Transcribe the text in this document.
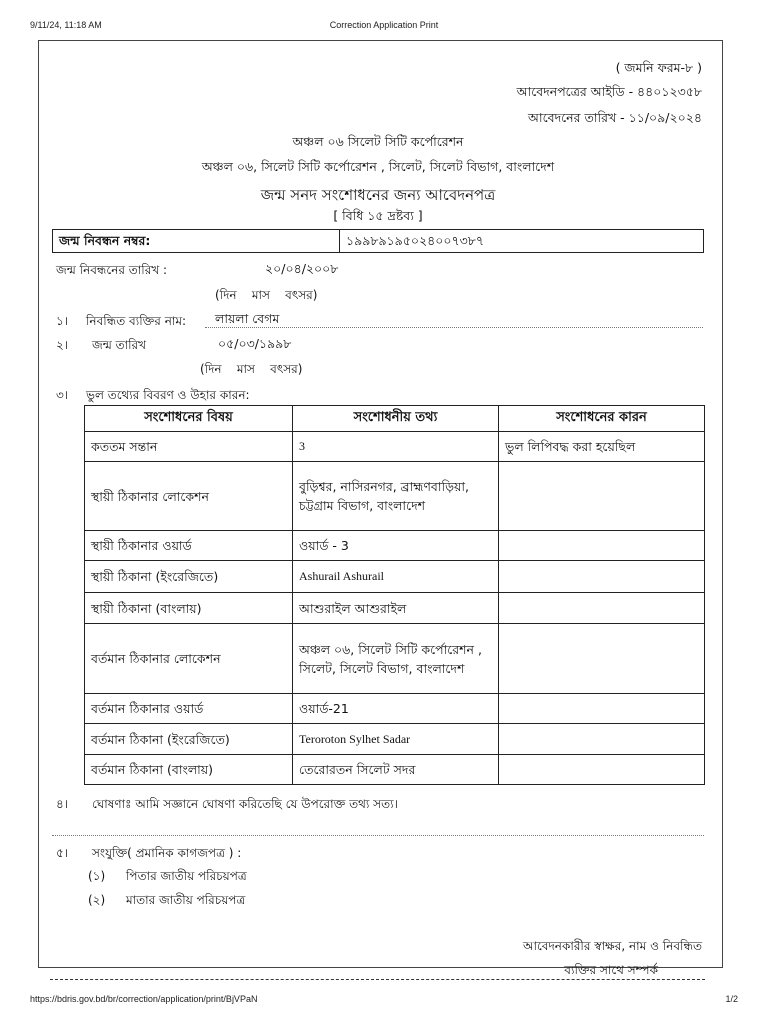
9/11/24, 11:18 AM	Correction Application Print
https://bdris.gov.bd/br/correction/application/print/BjVPaN	1/2
( জমনি ফরম-৮ )
আবেদনপত্রের আইডি - ৪৪০১২৩৫৮
আবেদনের তারিখ - ১১/০৯/২০২৪
অঞ্চল ০৬ সিলেট সিটি কর্পোরেশন
অঞ্চল ০৬, সিলেট সিটি কর্পোরেশন , সিলেট, সিলেট বিভাগ, বাংলাদেশ
জন্ম সনদ সংশোধনের জন্য আবেদনপত্র
[ বিধি ১৫ দ্রষ্টব্য ]
জন্ম নিবন্ধন নম্বর:	১৯৯৮৯১৯৫০২৪০০৭৩৮৭
জন্ম নিবন্ধনের তারিখ :	২০/০৪/২০০৮
(দিন    মাস    বৎসর)
১। নিবন্ধিত ব্যক্তির নাম: লায়লা বেগম
২। জন্ম তারিখ	০৫/০৩/১৯৯৮
(দিন    মাস    বৎসর)
৩। ভুল তথ্যের বিবরণ ও উহার কারন:
সংশোধনের বিষয়	সংশোধনীয় তথ্য	সংশোধনের কারন
কততম সন্তান	3	ভুল লিপিবদ্ধ করা হয়েছিল
স্থায়ী ঠিকানার লোকেশন	বুড়িশ্বর, নাসিরনগর, ব্রাহ্মণবাড়িয়া, চট্টগ্রাম বিভাগ, বাংলাদেশ	
স্থায়ী ঠিকানার ওয়ার্ড	ওয়ার্ড - 3	
স্থায়ী ঠিকানা (ইংরেজিতে)	Ashurail Ashurail	
স্থায়ী ঠিকানা (বাংলায়)	আশুরাইল আশুরাইল	
বর্তমান ঠিকানার লোকেশন	অঞ্চল ০৬, সিলেট সিটি কর্পোরেশন , সিলেট, সিলেট বিভাগ, বাংলাদেশ	
বর্তমান ঠিকানার ওয়ার্ড	ওয়ার্ড-21	
বর্তমান ঠিকানা (ইংরেজিতে)	Teroroton Sylhet Sadar	
বর্তমান ঠিকানা (বাংলায়)	তেরোরতন সিলেট সদর	
৪। ঘোষণাঃ আমি সজ্ঞানে ঘোষণা করিতেছি যে উপরোক্ত তথ্য সত্য।
৫। সংযুক্তি( প্রমানিক কাগজপত্র ) :
(১) পিতার জাতীয় পরিচয়পত্র
(২) মাতার জাতীয় পরিচয়পত্র
আবেদনকারীর স্বাক্ষর, নাম ও নিবন্ধিত
ব্যক্তির সাথে সম্পর্ক
